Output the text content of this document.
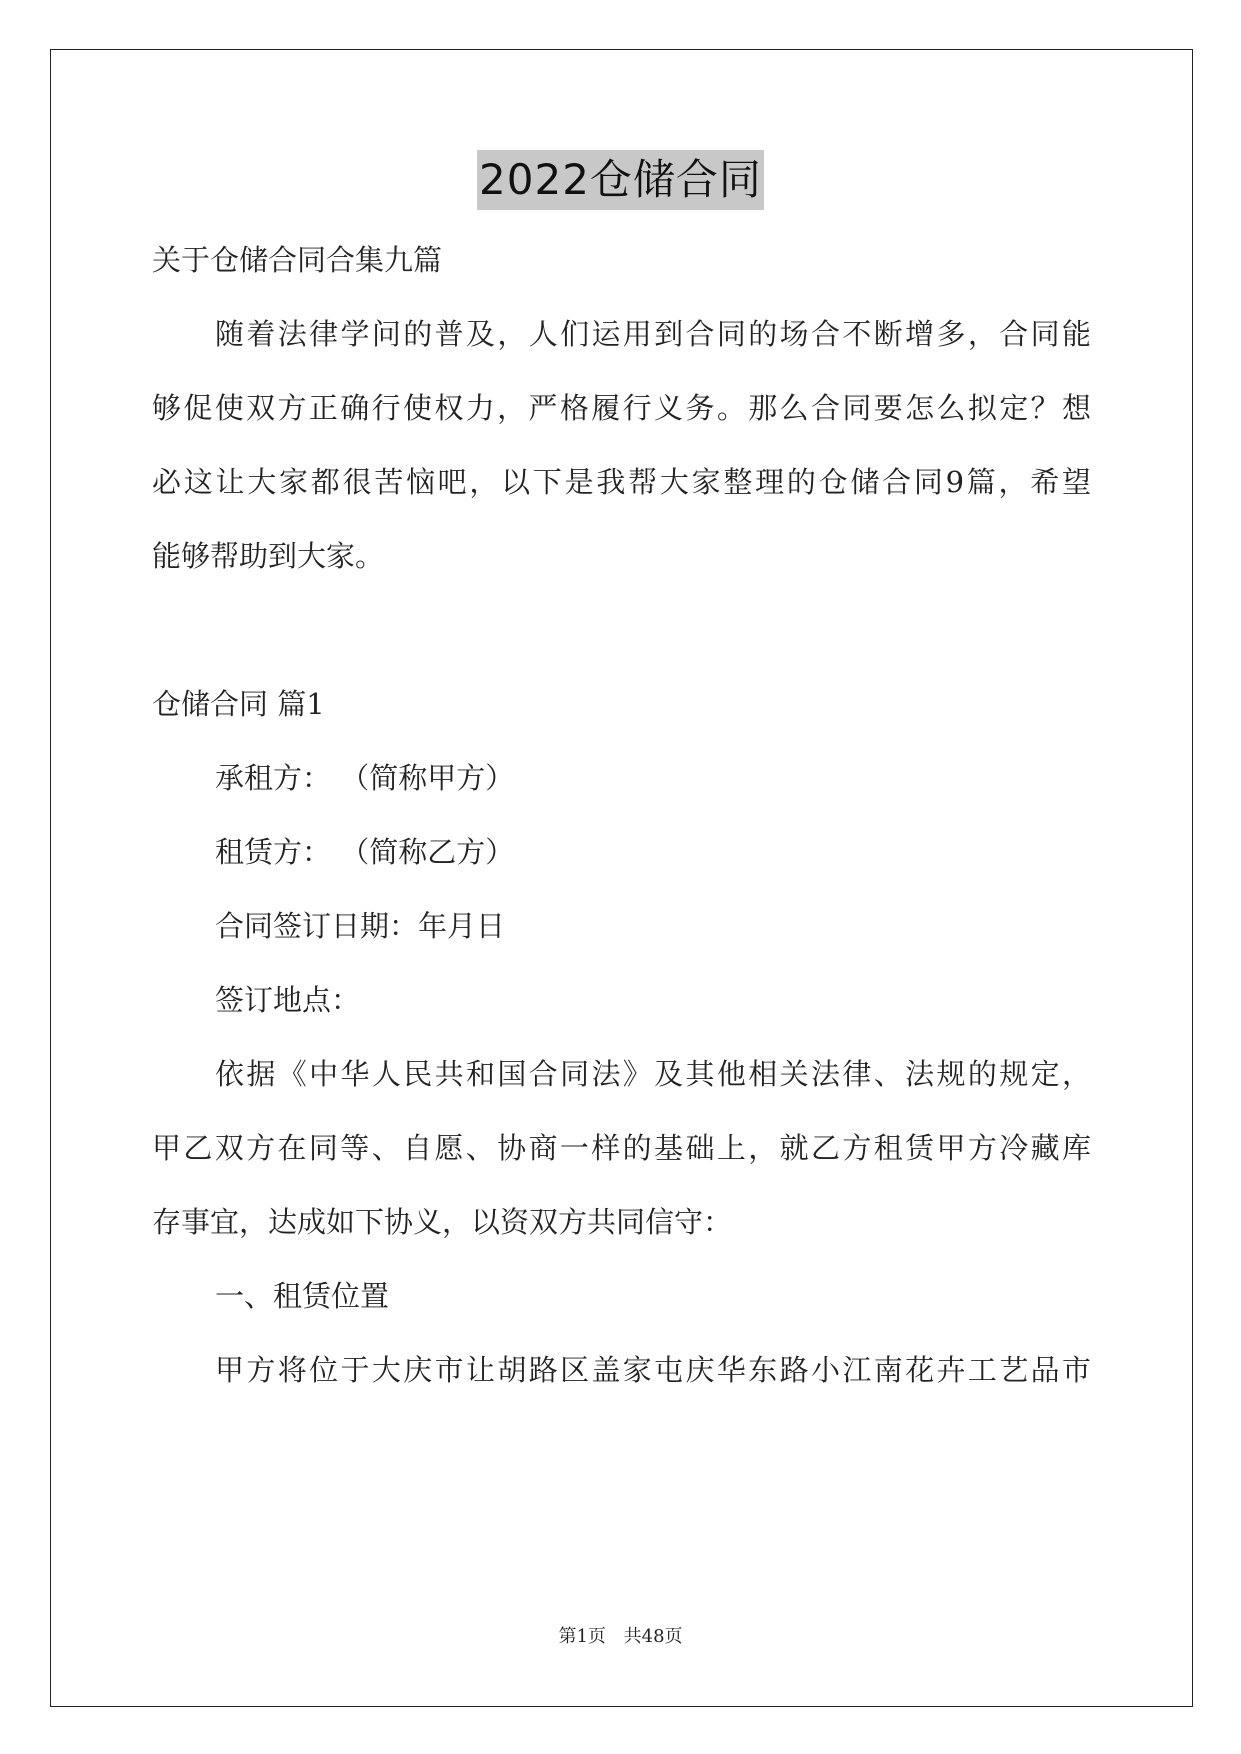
2022仓储合同
关于仓储合同合集九篇
随着法律学问的普及，人们运用到合同的场合不断增多，合同能
够促使双方正确行使权力，严格履行义务。那么合同要怎么拟定？想
必这让大家都很苦恼吧，以下是我帮大家整理的仓储合同9篇，希望
能够帮助到大家。
仓储合同 篇1
承租方： （简称甲方）
租赁方： （简称乙方）
合同签订日期：年月日
签订地点：
依据《中华人民共和国合同法》及其他相关法律、法规的规定，
甲乙双方在同等、自愿、协商一样的基础上，就乙方租赁甲方冷藏库
存事宜，达成如下协义，以资双方共同信守：
一、租赁位置
甲方将位于大庆市让胡路区盖家屯庆华东路小江南花卉工艺品市
第1页 共48页
